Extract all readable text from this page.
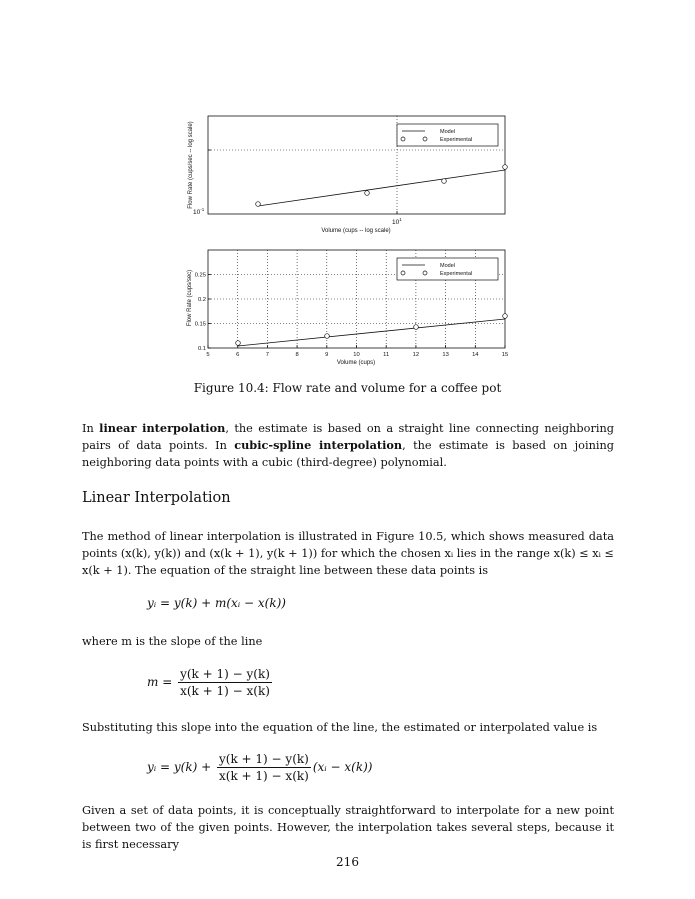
$10^1$
$10^{-1}$
Volume (cups -- log scale)
Flow Rate (cups/sec -- log scale)	Model
Experimental
5	6	7	8	9	10	11	12	13	14	15
0.1
0.15
0.2
0.25
Volume (cups)
Flow Rate (cups/sec)
Model
Experimental
Figure 10.4: Flow rate and volume for a coffee pot

In linear interpolation, the estimate is based on a straight line connecting neighboring pairs of data points. In cubic-spline interpolation, the estimate is based on joining neighboring data points with a cubic (third-degree) polynomial.

Linear Interpolation

The method of linear interpolation is illustrated in Figure 10.5, which shows measured data points (x(k), y(k)) and (x(k + 1), y(k + 1)) for which the chosen xᵢ lies in the range x(k) ≤ xᵢ ≤ x(k + 1). The equation of the straight line between these data points is

yᵢ = y(k) + m(xᵢ − x(k))

where m is the slope of the line

$m = \frac{y(k + 1) - y(k)}{x(k + 1) - x(k)}$

Substituting this slope into the equation of the line, the estimated or interpolated value is

yᵢ = $y(k) + \frac{y(k + 1) - y(k)}{x(k + 1) - x(k)}$ (xᵢ − x(k))

Given a set of data points, it is conceptually straightforward to interpolate for a new point between two of the given points. However, the interpolation takes several steps, because it is first necessary

216
